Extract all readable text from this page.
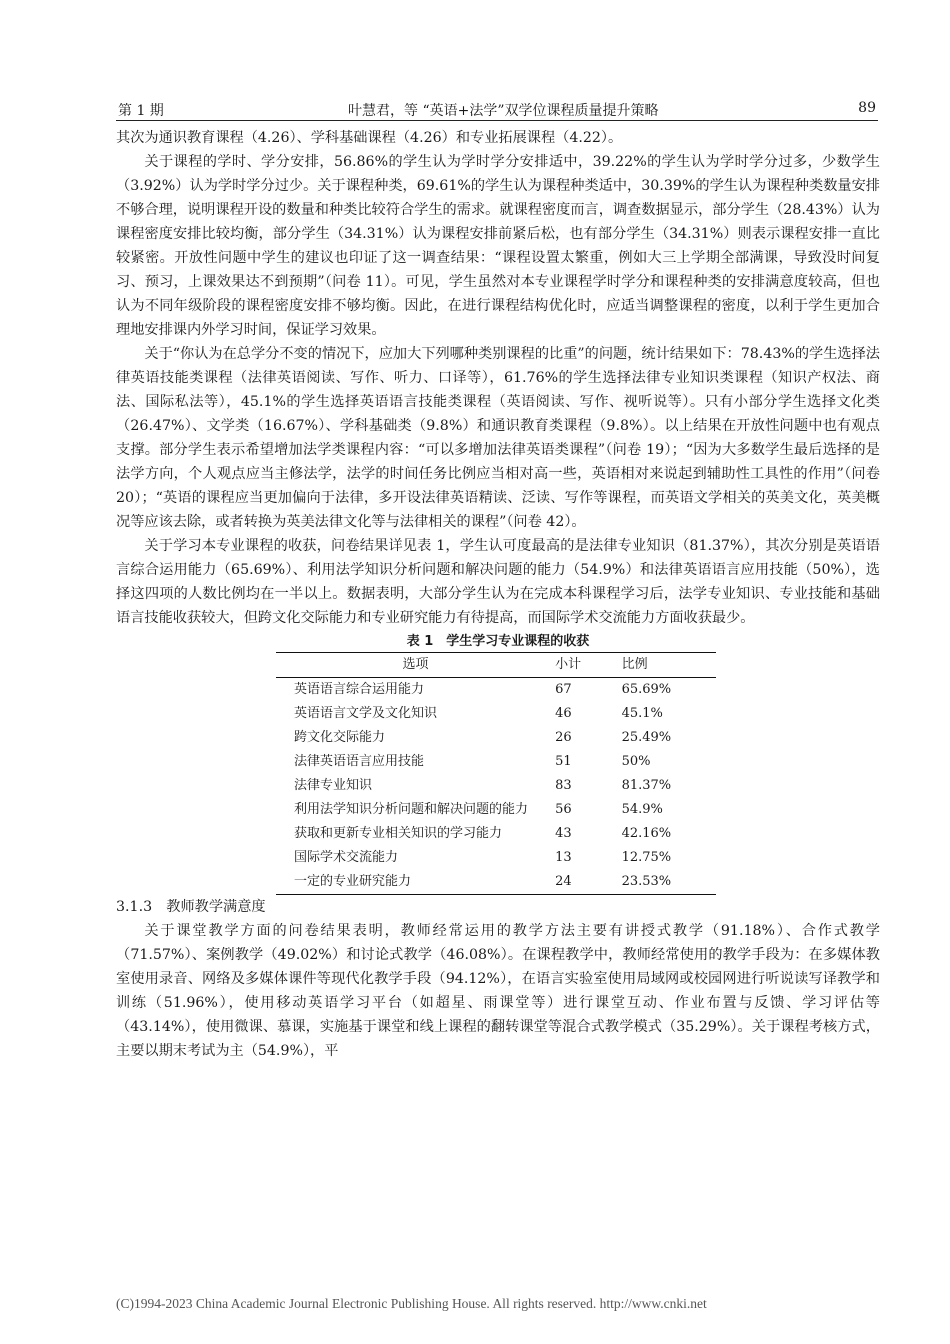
第 1 期	叶慧君，等 “英语+法学”双学位课程质量提升策略	89

其次为通识教育课程（4.26）、学科基础课程（4.26）和专业拓展课程（4.22）。

关于课程的学时、学分安排，56.86%的学生认为学时学分安排适中，39.22%的学生认为学时学分过多，少数学生（3.92%）认为学时学分过少。关于课程种类，69.61%的学生认为课程种类适中，30.39%的学生认为课程种类数量安排不够合理，说明课程开设的数量和种类比较符合学生的需求。就课程密度而言，调查数据显示，部分学生（28.43%）认为课程密度安排比较均衡，部分学生（34.31%）认为课程安排前紧后松，也有部分学生（34.31%）则表示课程安排一直比较紧密。开放性问题中学生的建议也印证了这一调查结果：“课程设置太繁重，例如大三上学期全部满课，导致没时间复习、预习，上课效果达不到预期”（问卷 11）。可见，学生虽然对本专业课程学时学分和课程种类的安排满意度较高，但也认为不同年级阶段的课程密度安排不够均衡。因此，在进行课程结构优化时，应适当调整课程的密度，以利于学生更加合理地安排课内外学习时间，保证学习效果。

关于“你认为在总学分不变的情况下，应加大下列哪种类别课程的比重”的问题，统计结果如下：78.43%的学生选择法律英语技能类课程（法律英语阅读、写作、听力、口译等），61.76%的学生选择法律专业知识类课程（知识产权法、商法、国际私法等），45.1%的学生选择英语语言技能类课程（英语阅读、写作、视听说等）。只有小部分学生选择文化类（26.47%）、文学类（16.67%）、学科基础类（9.8%）和通识教育类课程（9.8%）。以上结果在开放性问题中也有观点支撑。部分学生表示希望增加法学类课程内容：“可以多增加法律英语类课程”（问卷 19）；“因为大多数学生最后选择的是法学方向，个人观点应当主修法学，法学的时间任务比例应当相对高一些，英语相对来说起到辅助性工具性的作用”（问卷 20）；“英语的课程应当更加偏向于法律，多开设法律英语精读、泛读、写作等课程，而英语文学相关的英美文化，英美概况等应该去除，或者转换为英美法律文化等与法律相关的课程”（问卷 42）。

关于学习本专业课程的收获，问卷结果详见表 1，学生认可度最高的是法律专业知识（81.37%），其次分别是英语语言综合运用能力（65.69%）、利用法学知识分析问题和解决问题的能力（54.9%）和法律英语语言应用技能（50%），选择这四项的人数比例均在一半以上。数据表明，大部分学生认为在完成本科课程学习后，法学专业知识、专业技能和基础语言技能收获较大，但跨文化交际能力和专业研究能力有待提高，而国际学术交流能力方面收获最少。

表 1　学生学习专业课程的收获
选项	小计	比例
英语语言综合运用能力	67	65.69%
英语语言文学及文化知识	46	45.1%
跨文化交际能力	26	25.49%
法律英语语言应用技能	51	50%
法律专业知识	83	81.37%
利用法学知识分析问题和解决问题的能力	56	54.9%
获取和更新专业相关知识的学习能力	43	42.16%
国际学术交流能力	13	12.75%
一定的专业研究能力	24	23.53%

3.1.3　教师教学满意度

关于课堂教学方面的问卷结果表明，教师经常运用的教学方法主要有讲授式教学（91.18%）、合作式教学（71.57%）、案例教学（49.02%）和讨论式教学（46.08%）。在课程教学中，教师经常使用的教学手段为：在多媒体教室使用录音、网络及多媒体课件等现代化教学手段（94.12%），在语言实验室使用局域网或校园网进行听说读写译教学和训练（51.96%），使用移动英语学习平台（如超星、雨课堂等）进行课堂互动、作业布置与反馈、学习评估等（43.14%），使用微课、慕课，实施基于课堂和线上课程的翻转课堂等混合式教学模式（35.29%）。关于课程考核方式，主要以期末考试为主（54.9%），平

(C)1994-2023 China Academic Journal Electronic Publishing House. All rights reserved. http://www.cnki.net
